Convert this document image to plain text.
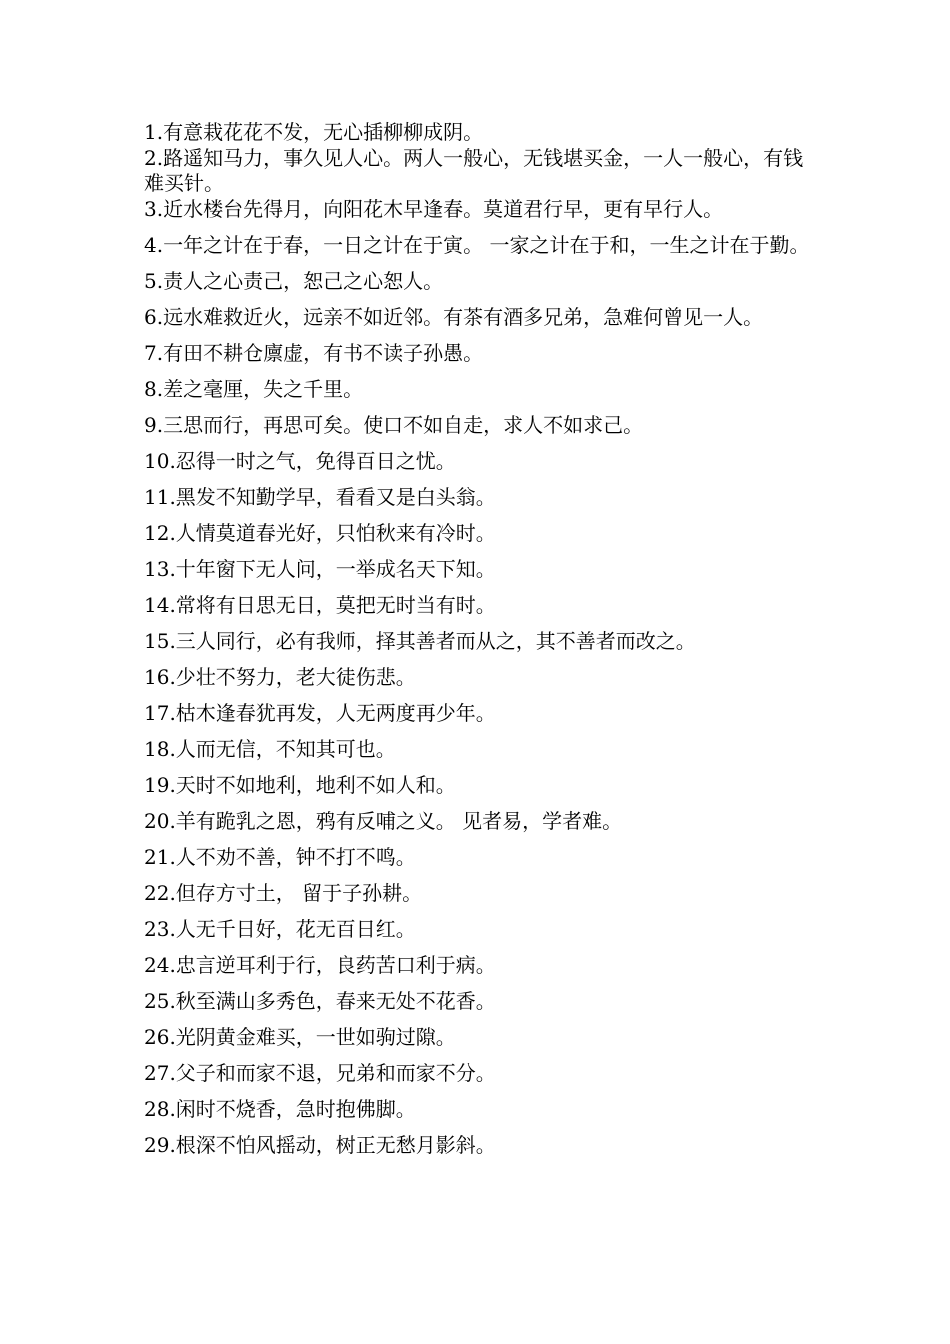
1.有意栽花花不发，无心插柳柳成阴。

2.路遥知马力，事久见人心。两人一般心，无钱堪买金，一人一般心，有钱难买针。

3.近水楼台先得月，向阳花木早逢春。莫道君行早，更有早行人。

4.一年之计在于春，一日之计在于寅。 一家之计在于和，一生之计在于勤。

5.责人之心责己，恕己之心恕人。

6.远水难救近火，远亲不如近邻。有茶有酒多兄弟，急难何曾见一人。

7.有田不耕仓廪虚，有书不读子孙愚。

8.差之毫厘，失之千里。

9.三思而行，再思可矣。使口不如自走，求人不如求己。

10.忍得一时之气，免得百日之忧。

11.黑发不知勤学早，看看又是白头翁。

12.人情莫道春光好，只怕秋来有冷时。

13.十年窗下无人问，一举成名天下知。

14.常将有日思无日，莫把无时当有时。

15.三人同行，必有我师，择其善者而从之，其不善者而改之。

16.少壮不努力，老大徒伤悲。

17.枯木逢春犹再发，人无两度再少年。

18.人而无信，不知其可也。

19.天时不如地利，地利不如人和。

20.羊有跪乳之恩，鸦有反哺之义。 见者易，学者难。

21.人不劝不善，钟不打不鸣。

22.但存方寸土， 留于子孙耕。

23.人无千日好，花无百日红。

24.忠言逆耳利于行，良药苦口利于病。

25.秋至满山多秀色，春来无处不花香。

26.光阴黄金难买，一世如驹过隙。

27.父子和而家不退，兄弟和而家不分。

28.闲时不烧香，急时抱佛脚。

29.根深不怕风摇动，树正无愁月影斜。
